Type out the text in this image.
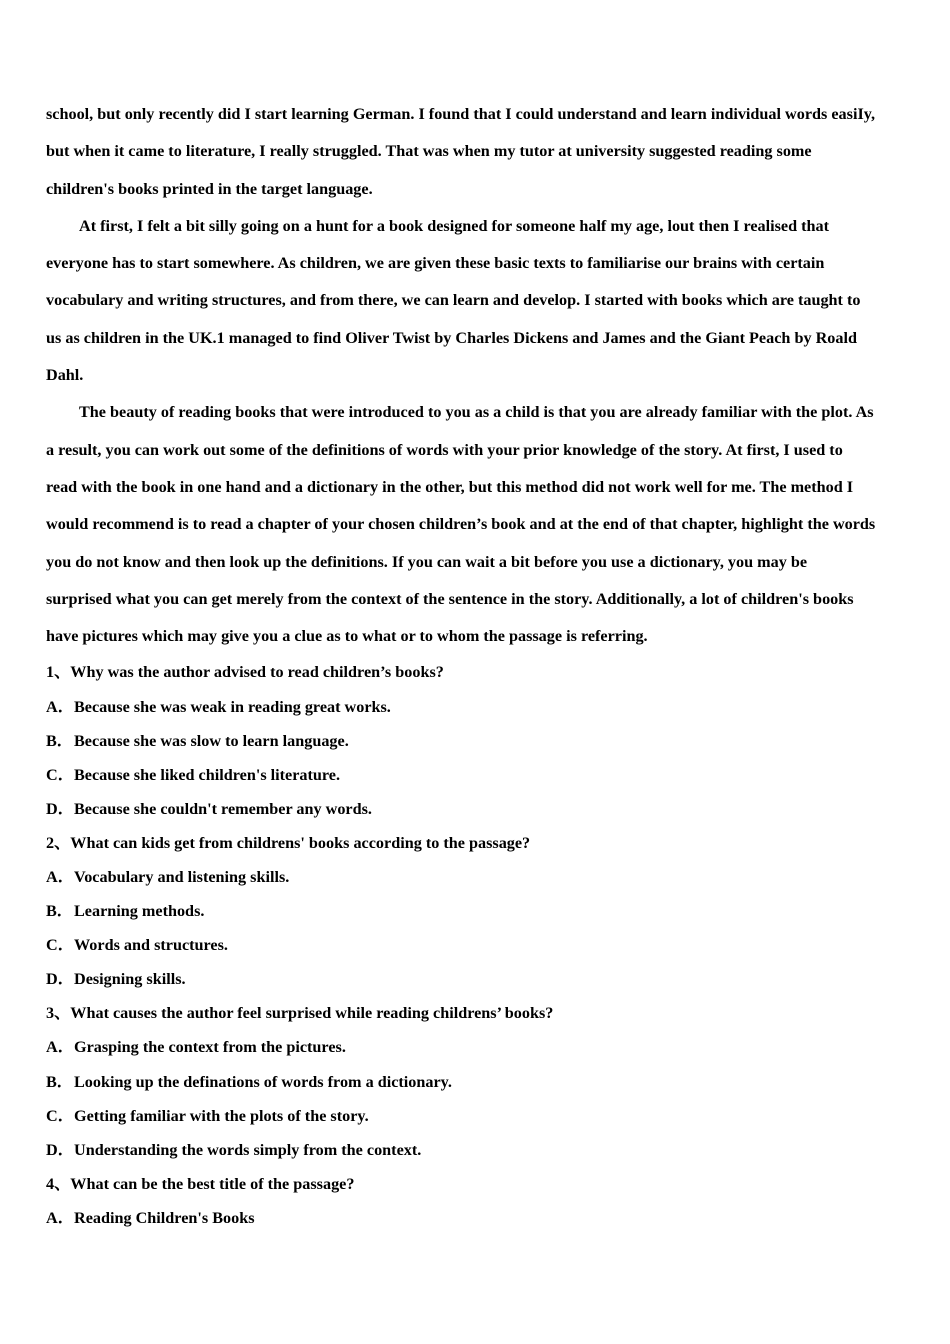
school, but only recently did I start learning German. I found that I could understand and learn individual words easiIy,
but when it came to literature, I really struggled. That was when my tutor at university suggested reading some
children's books printed in the target language.

At first, I felt a bit silly going on a hunt for a book designed for someone half my age, lout then I realised that
everyone has to start somewhere. As children, we are given these basic texts to familiarise our brains with certain
vocabulary and writing structures, and from there, we can learn and develop. I started with books which are taught to
us as children in the UK.1 managed to find Oliver Twist by Charles Dickens and James and the Giant Peach by Roald
Dahl.

The beauty of reading books that were introduced to you as a child is that you are already familiar with the plot. As
a result, you can work out some of the definitions of words with your prior knowledge of the story. At first, I used to
read with the book in one hand and a dictionary in the other, but this method did not work well for me. The method I
would recommend is to read a chapter of your chosen children’s book and at the end of that chapter, highlight the words
you do not know and then look up the definitions. If you can wait a bit before you use a dictionary, you may be
surprised what you can get merely from the context of the sentence in the story. Additionally, a lot of children's books
have pictures which may give you a clue as to what or to whom the passage is referring.

1、Why was the author advised to read children’s books?
A．Because she was weak in reading great works.
B．Because she was slow to learn language.
C．Because she liked children's literature.
D．Because she couldn't remember any words.
2、What can kids get from childrens' books according to the passage?
A．Vocabulary and listening skills.
B．Learning methods.
C．Words and structures.
D．Designing skills.
3、What causes the author feel surprised while reading childrens’ books?
A．Grasping the context from the pictures.
B．Looking up the definations of words from a dictionary.
C．Getting familiar with the plots of the story.
D．Understanding the words simply from the context.
4、What can be the best title of the passage?
A．Reading Children's Books
